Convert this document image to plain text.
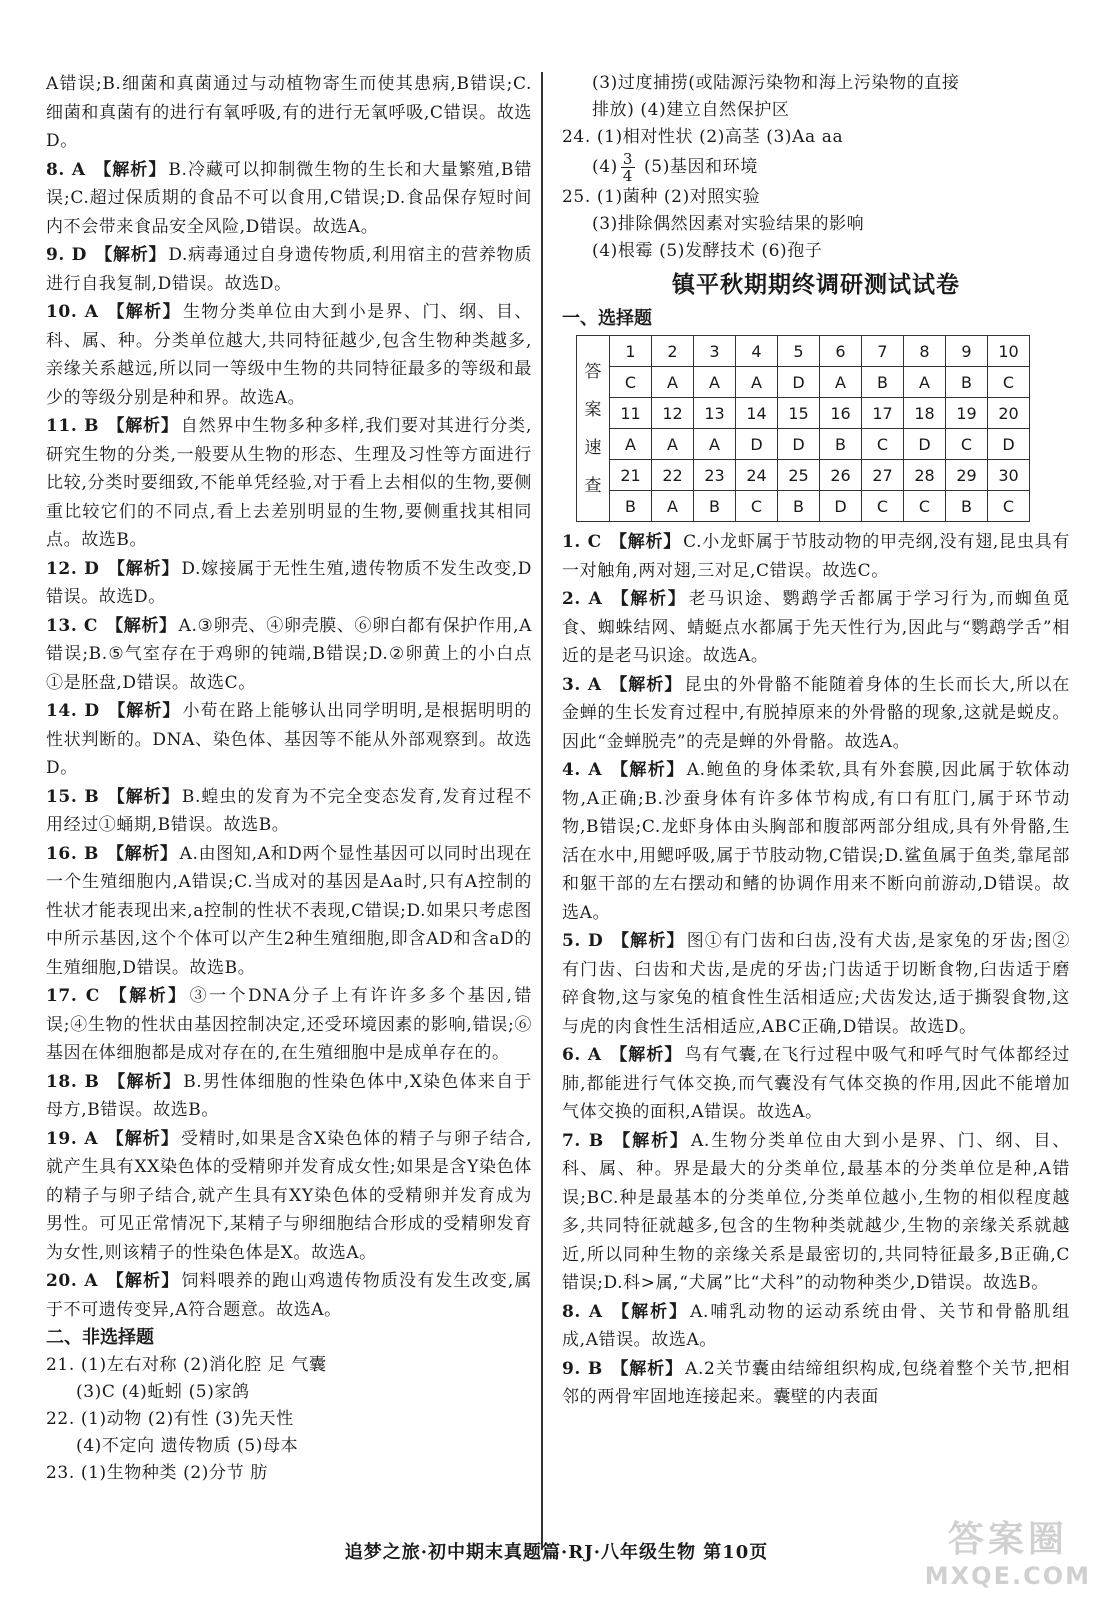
A错误;B.细菌和真菌通过与动植物寄生而使其患病,B错误;C.细菌和真菌有的进行有氧呼吸,有的进行无氧呼吸,C错误。故选D。

8. A 【解析】 B.冷藏可以抑制微生物的生长和大量繁殖,B错误;C.超过保质期的食品不可以食用,C错误;D.食品保存短时间内不会带来食品安全风险,D错误。故选A。

9. D 【解析】 D.病毒通过自身遗传物质,利用宿主的营养物质进行自我复制,D错误。故选D。

10. A 【解析】 生物分类单位由大到小是界、门、纲、目、科、属、种。分类单位越大,共同特征越少,包含生物种类越多,亲缘关系越远,所以同一等级中生物的共同特征最多的等级和最少的等级分别是种和界。故选A。

11. B 【解析】 自然界中生物多种多样,我们要对其进行分类,研究生物的分类,一般要从生物的形态、生理及习性等方面进行比较,分类时要细致,不能单凭经验,对于看上去相似的生物,要侧重比较它们的不同点,看上去差别明显的生物,要侧重找其相同点。故选B。

12. D 【解析】 D.嫁接属于无性生殖,遗传物质不发生改变,D错误。故选D。

13. C 【解析】 A.③卵壳、④卵壳膜、⑥卵白都有保护作用,A错误;B.⑤气室存在于鸡卵的钝端,B错误;D.②卵黄上的小白点①是胚盘,D错误。故选C。

14. D 【解析】 小荀在路上能够认出同学明明,是根据明明的性状判断的。DNA、染色体、基因等不能从外部观察到。故选D。

15. B 【解析】 B.蝗虫的发育为不完全变态发育,发育过程不用经过①蛹期,B错误。故选B。

16. B 【解析】 A.由图知,A和D两个显性基因可以同时出现在一个生殖细胞内,A错误;C.当成对的基因是Aa时,只有A控制的性状才能表现出来,a控制的性状不表现,C错误;D.如果只考虑图中所示基因,这个个体可以产生2种生殖细胞,即含AD和含aD的生殖细胞,D错误。故选B。

17. C 【解析】 ③一个DNA分子上有许许多多个基因,错误;④生物的性状由基因控制决定,还受环境因素的影响,错误;⑥基因在体细胞都是成对存在的,在生殖细胞中是成单存在的。

18. B 【解析】 B.男性体细胞的性染色体中,X染色体来自于母方,B错误。故选B。

19. A 【解析】 受精时,如果是含X染色体的精子与卵子结合,就产生具有XX染色体的受精卵并发育成女性;如果是含Y染色体的精子与卵子结合,就产生具有XY染色体的受精卵并发育成为男性。可见正常情况下,某精子与卵细胞结合形成的受精卵发育为女性,则该精子的性染色体是X。故选A。

20. A 【解析】 饲料喂养的跑山鸡遗传物质没有发生改变,属于不可遗传变异,A符合题意。故选A。

二、非选择题

21. (1)左右对称 (2)消化腔 足 气囊

(3)C (4)蚯蚓 (5)家鸽

22. (1)动物 (2)有性 (3)先天性

(4)不定向 遗传物质 (5)母本

23. (1)生物种类 (2)分节 肪

(3)过度捕捞(或陆源污染物和海上污染物的直接

排放) (4)建立自然保护区

24. (1)相对性状 (2)高茎 (3)Aa aa

$(4) \frac{3}{4} (5)$基因和环境

25. (1)菌种 (2)对照实验

(3)排除偶然因素对实验结果的影响

(4)根霉 (5)发酵技术 (6)孢子

镇平秋期期终调研测试试卷

一、选择题

答案速查	1	2	3	4	5	6	7	8	9	10
	C	A	A	A	D	A	B	A	B	C
	11	12	13	14	15	16	17	18	19	20
	A	A	A	D	D	B	C	D	C	D
	21	22	23	24	25	26	27	28	29	30
	B	A	B	C	B	D	C	C	B	C

1. C 【解析】 C.小龙虾属于节肢动物的甲壳纲,没有翅,昆虫具有一对触角,两对翅,三对足,C错误。故选C。

2. A 【解析】 老马识途、鹦鹉学舌都属于学习行为,而蜘鱼觅食、蜘蛛结网、蜻蜓点水都属于先天性行为,因此与“鹦鹉学舌”相近的是老马识途。故选A。

3. A 【解析】 昆虫的外骨骼不能随着身体的生长而长大,所以在金蝉的生长发育过程中,有脱掉原来的外骨骼的现象,这就是蜕皮。因此“金蝉脱壳”的壳是蝉的外骨骼。故选A。

4. A 【解析】 A.鲍鱼的身体柔软,具有外套膜,因此属于软体动物,A正确;B.沙蚕身体有许多体节构成,有口有肛门,属于环节动物,B错误;C.龙虾身体由头胸部和腹部两部分组成,具有外骨骼,生活在水中,用鳃呼吸,属于节肢动物,C错误;D.鲨鱼属于鱼类,靠尾部和躯干部的左右摆动和鳍的协调作用来不断向前游动,D错误。故选A。

5. D 【解析】 图①有门齿和臼齿,没有犬齿,是家兔的牙齿;图②有门齿、臼齿和犬齿,是虎的牙齿;门齿适于切断食物,臼齿适于磨碎食物,这与家兔的植食性生活相适应;犬齿发达,适于撕裂食物,这与虎的肉食性生活相适应,ABC正确,D错误。故选D。

6. A 【解析】 鸟有气囊,在飞行过程中吸气和呼气时气体都经过肺,都能进行气体交换,而气囊没有气体交换的作用,因此不能增加气体交换的面积,A错误。故选A。

7. B 【解析】 A.生物分类单位由大到小是界、门、纲、目、科、属、种。界是最大的分类单位,最基本的分类单位是种,A错误;BC.种是最基本的分类单位,分类单位越小,生物的相似程度越多,共同特征就越多,包含的生物种类就越少,生物的亲缘关系就越近,所以同种生物的亲缘关系是最密切的,共同特征最多,B正确,C错误;D.科>属,“犬属”比“犬科”的动物种类少,D错误。故选B。

8. A 【解析】 A.哺乳动物的运动系统由骨、关节和骨骼肌组成,A错误。故选A。

9. B 【解析】 A.2关节囊由结缔组织构成,包绕着整个关节,把相邻的两骨牢固地连接起来。囊壁的内表面

追梦之旅·初中期末真题篇·RJ·八年级生物 第10页	答案圈
MXQE.COM
